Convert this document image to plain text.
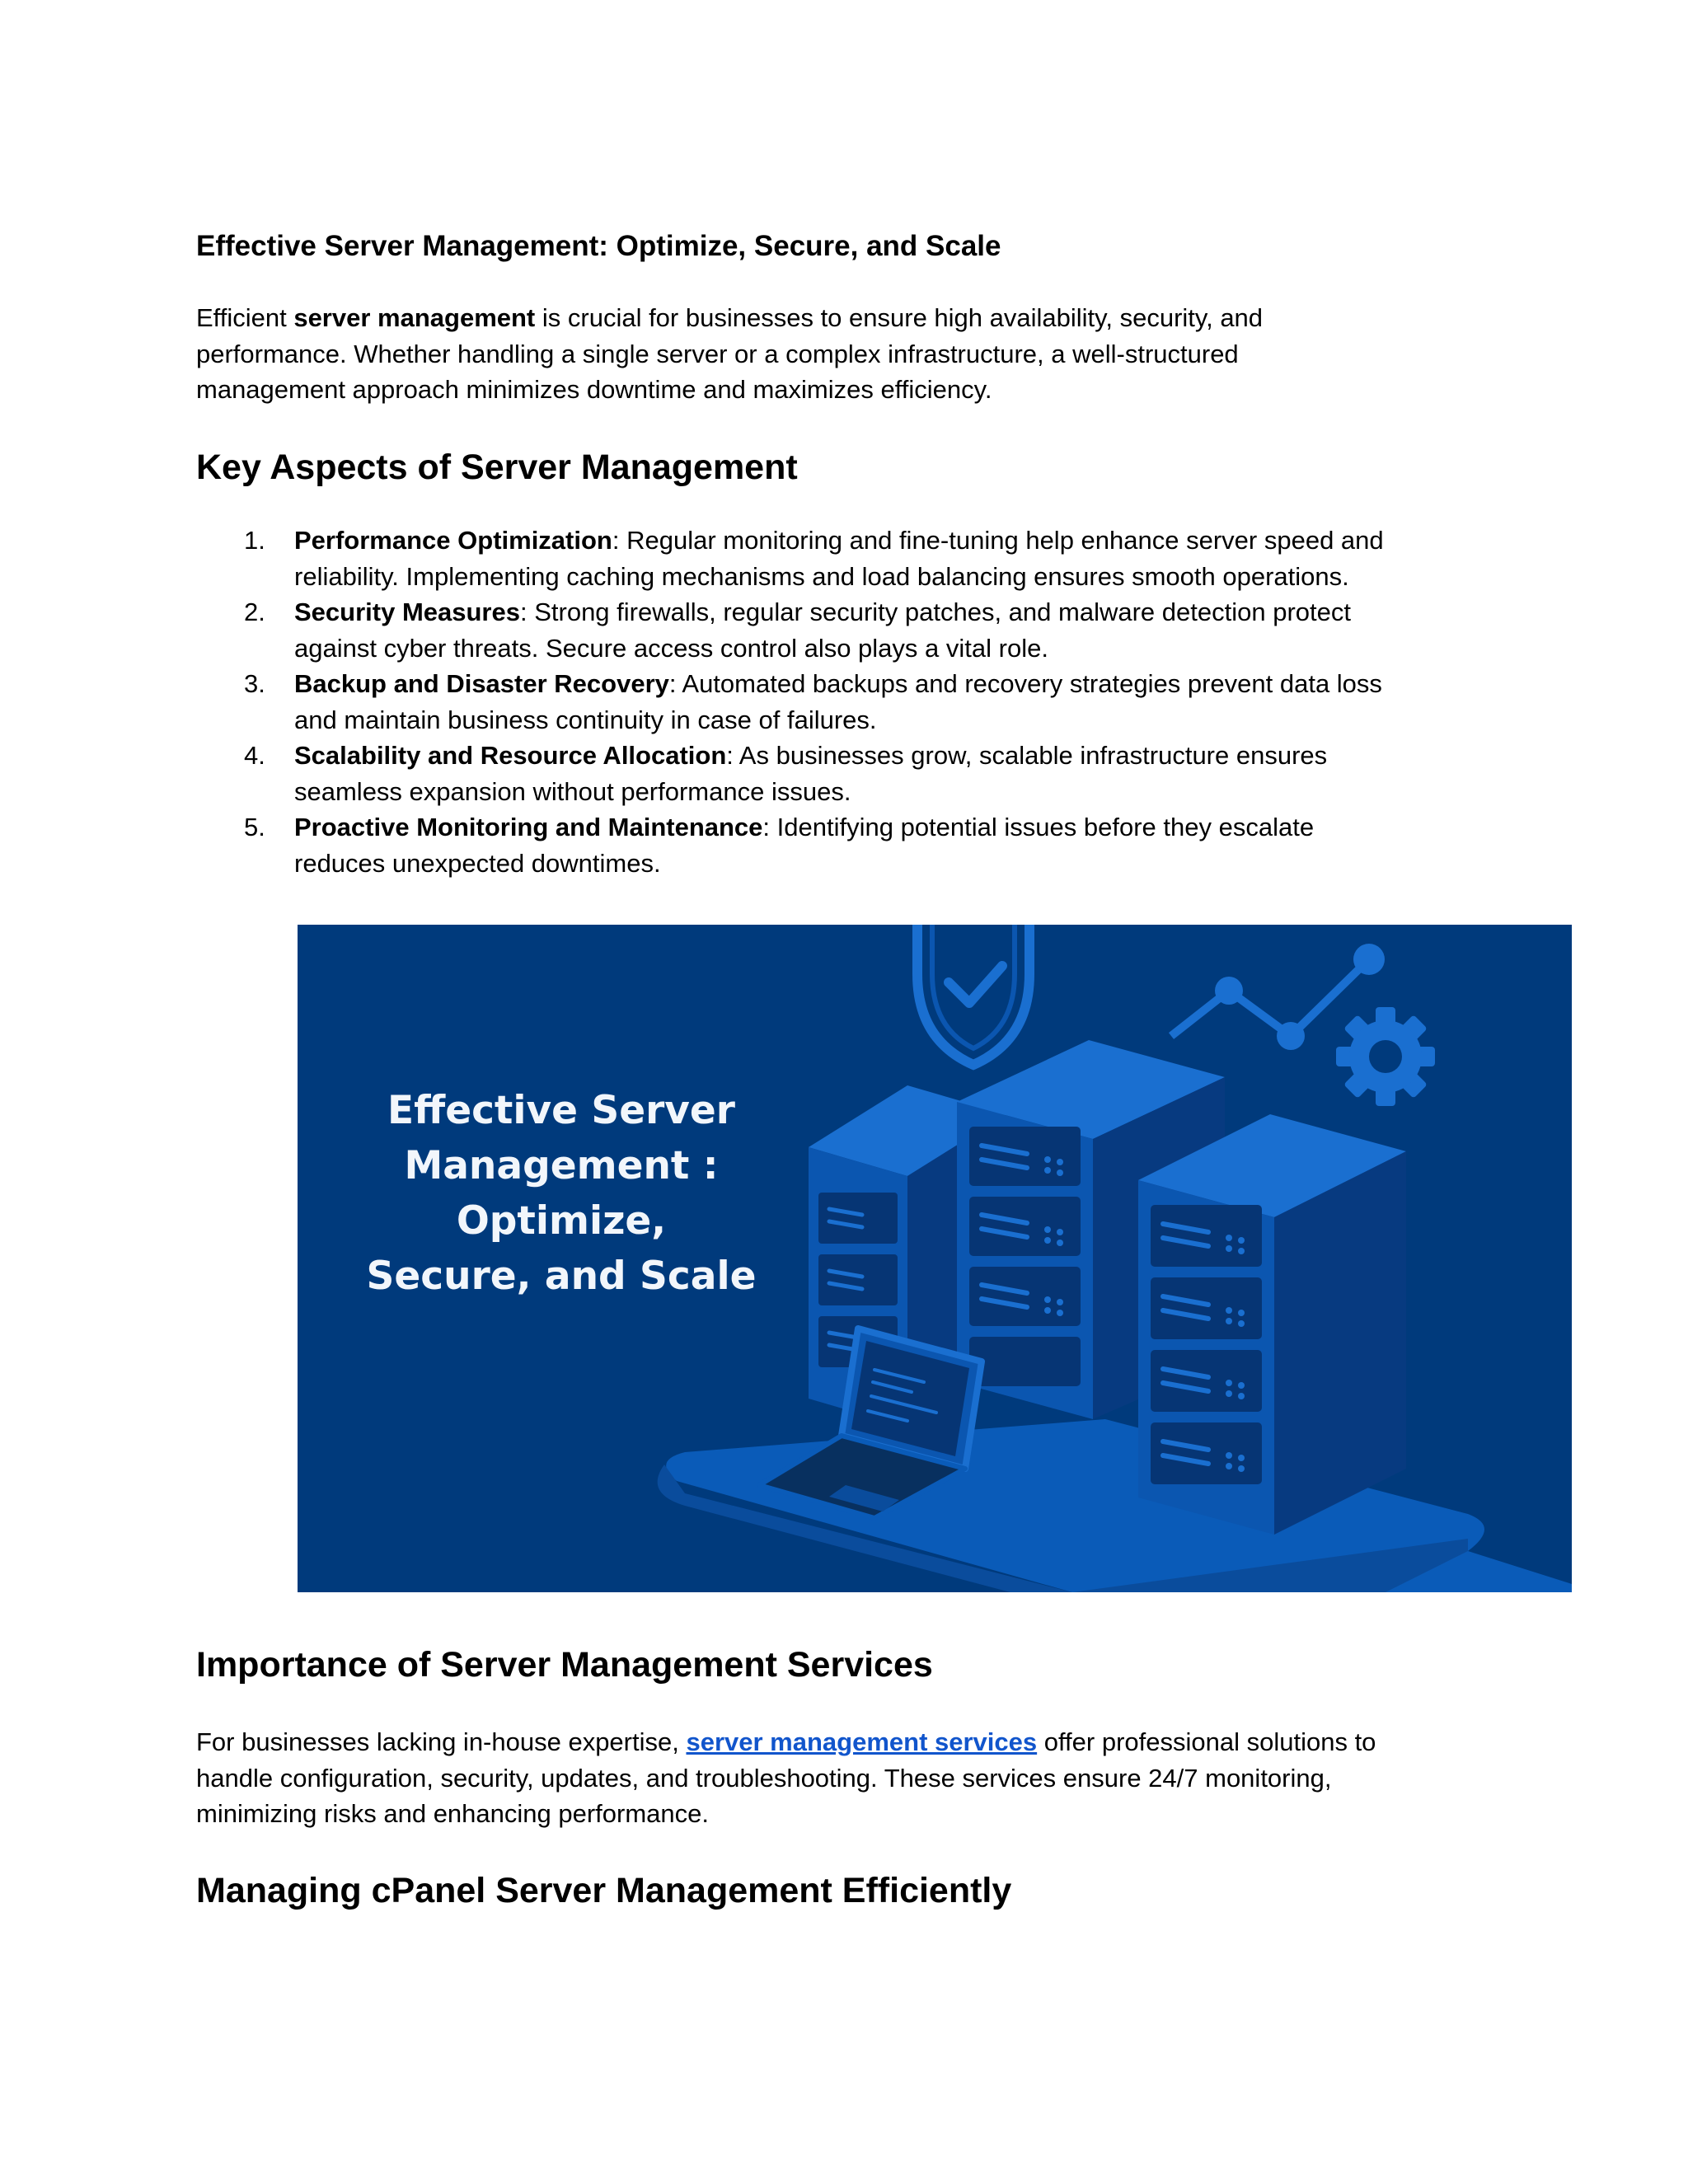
Effective Server Management: Optimize, Secure, and Scale

Efficient server management is crucial for businesses to ensure high availability, security, and
performance. Whether handling a single server or a complex infrastructure, a well-structured
management approach minimizes downtime and maximizes efficiency.

Key Aspects of Server Management
1. Performance Optimization: Regular monitoring and fine-tuning help enhance server speed and
reliability. Implementing caching mechanisms and load balancing ensures smooth operations.
2. Security Measures: Strong firewalls, regular security patches, and malware detection protect
against cyber threats. Secure access control also plays a vital role.
3. Backup and Disaster Recovery: Automated backups and recovery strategies prevent data loss
and maintain business continuity in case of failures.
4. Scalability and Resource Allocation: As businesses grow, scalable infrastructure ensures
seamless expansion without performance issues.
5. Proactive Monitoring and Maintenance: Identifying potential issues before they escalate
reduces unexpected downtimes.
Effective Server
Management : Optimize,
Secure, and Scale
Importance of Server Management Services

For businesses lacking in-house expertise, server management services offer professional solutions to
handle configuration, security, updates, and troubleshooting. These services ensure 24/7 monitoring,
minimizing risks and enhancing performance.

Managing cPanel Server Management Efficiently
